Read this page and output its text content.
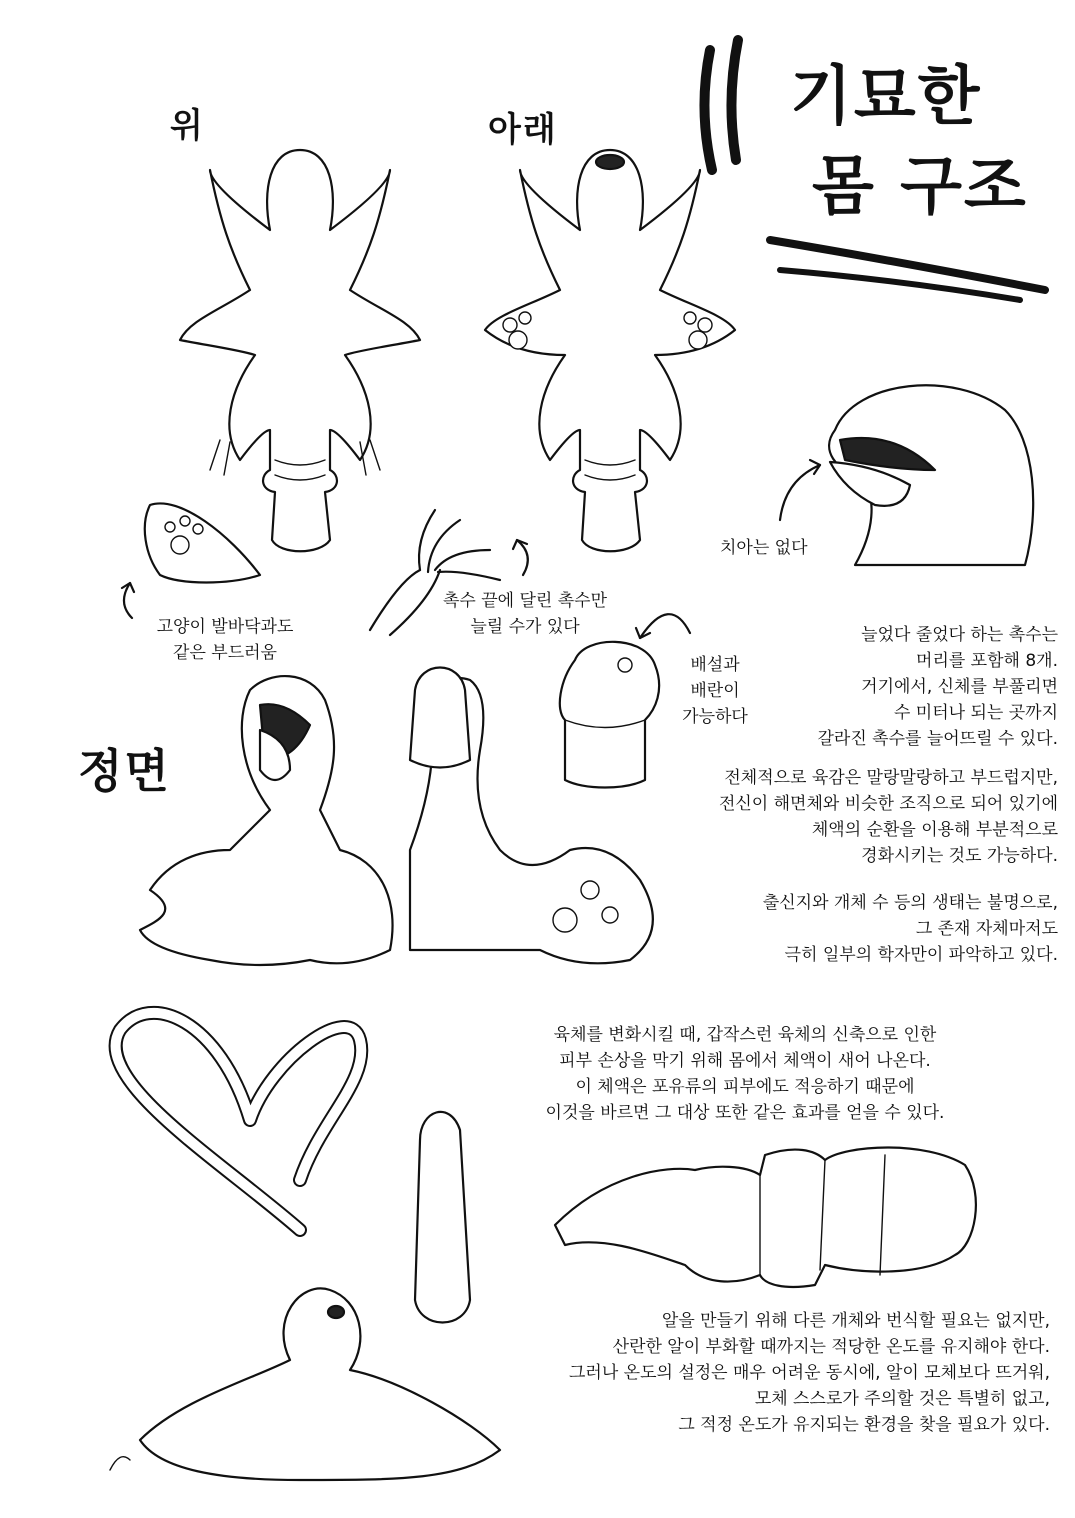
기묘한
몸 구조
위	아래
정면
고양이 발바닥과도
같은 부드러움
촉수 끝에 달린 촉수만
늘릴 수가 있다
치아는 없다
배설과
배란이
가능하다
늘었다 줄었다 하는 촉수는
머리를 포함해 8개.
거기에서, 신체를 부풀리면
수 미터나 되는 곳까지
갈라진 촉수를 늘어뜨릴 수 있다.
전체적으로 육감은 말랑말랑하고 부드럽지만,
전신이 해면체와 비슷한 조직으로 되어 있기에
체액의 순환을 이용해 부분적으로
경화시키는 것도 가능하다.
출신지와 개체 수 등의 생태는 불명으로,
그 존재 자체마저도
극히 일부의 학자만이 파악하고 있다.
육체를 변화시킬 때, 갑작스런 육체의 신축으로 인한
피부 손상을 막기 위해 몸에서 체액이 새어 나온다.
이 체액은 포유류의 피부에도 적응하기 때문에
이것을 바르면 그 대상 또한 같은 효과를 얻을 수 있다.
알을 만들기 위해 다른 개체와 번식할 필요는 없지만,
산란한 알이 부화할 때까지는 적당한 온도를 유지해야 한다.
그러나 온도의 설정은 매우 어려운 동시에, 알이 모체보다 뜨거워,
모체 스스로가 주의할 것은 특별히 없고,
그 적정 온도가 유지되는 환경을 찾을 필요가 있다.
